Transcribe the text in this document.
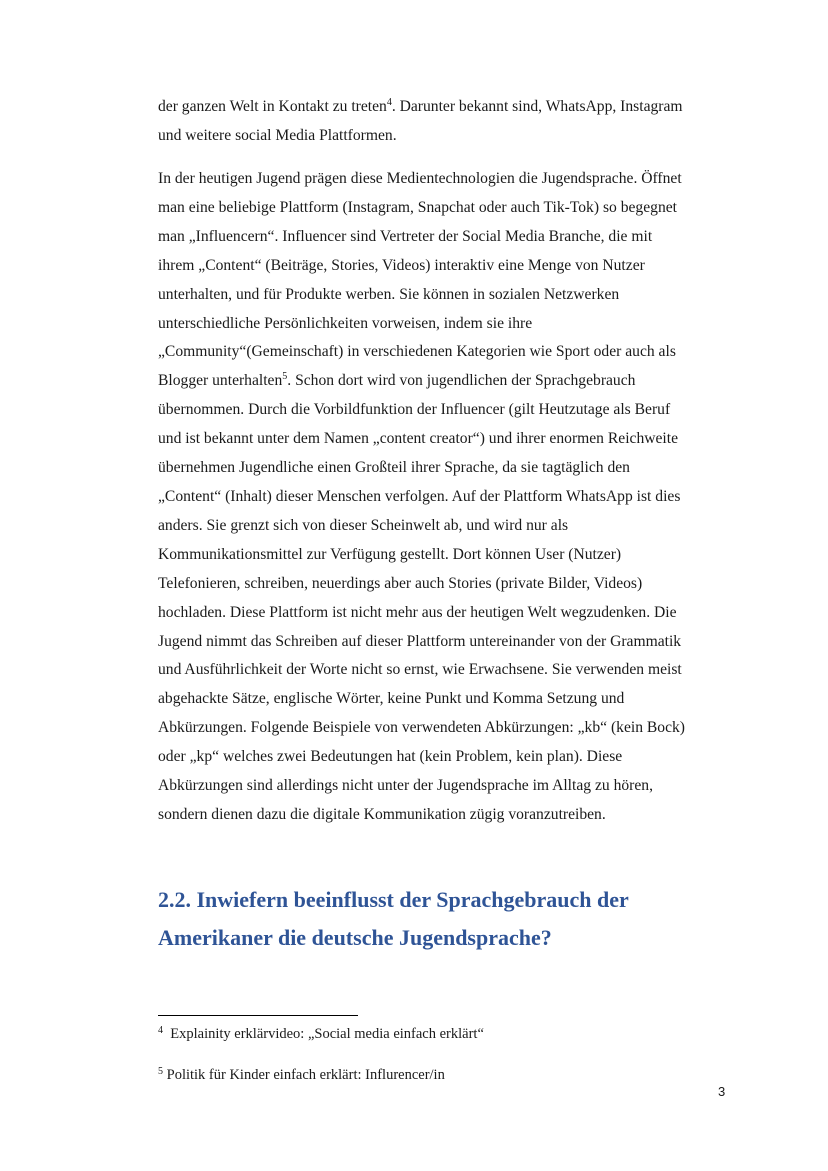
der ganzen Welt in Kontakt zu treten$^4$. Darunter bekannt sind, WhatsApp, Instagram
und weitere social Media Plattformen.

In der heutigen Jugend prägen diese Medientechnologien die Jugendsprache. Öffnet
man eine beliebige Plattform (Instagram, Snapchat oder auch Tik-Tok) so begegnet
man „Influencern“. Influencer sind Vertreter der Social Media Branche, die mit
ihrem „Content“ (Beiträge, Stories, Videos) interaktiv eine Menge von Nutzer
unterhalten, und für Produkte werben. Sie können in sozialen Netzwerken
unterschiedliche Persönlichkeiten vorweisen, indem sie ihre
„Community“(Gemeinschaft) in verschiedenen Kategorien wie Sport oder auch als
Blogger unterhalten$^5$. Schon dort wird von jugendlichen der Sprachgebrauch
übernommen. Durch die Vorbildfunktion der Influencer (gilt Heutzutage als Beruf
und ist bekannt unter dem Namen „content creator“) und ihrer enormen Reichweite
übernehmen Jugendliche einen Großteil ihrer Sprache, da sie tagtäglich den
„Content“ (Inhalt) dieser Menschen verfolgen. Auf der Plattform WhatsApp ist dies
anders. Sie grenzt sich von dieser Scheinwelt ab, und wird nur als
Kommunikationsmittel zur Verfügung gestellt. Dort können User (Nutzer)
Telefonieren, schreiben, neuerdings aber auch Stories (private Bilder, Videos)
hochladen. Diese Plattform ist nicht mehr aus der heutigen Welt wegzudenken. Die
Jugend nimmt das Schreiben auf dieser Plattform untereinander von der Grammatik
und Ausführlichkeit der Worte nicht so ernst, wie Erwachsene. Sie verwenden meist
abgehackte Sätze, englische Wörter, keine Punkt und Komma Setzung und
Abkürzungen. Folgende Beispiele von verwendeten Abkürzungen: „kb“ (kein Bock)
oder „kp“ welches zwei Bedeutungen hat (kein Problem, kein plan). Diese
Abkürzungen sind allerdings nicht unter der Jugendsprache im Alltag zu hören,
sondern dienen dazu die digitale Kommunikation zügig voranzutreiben.

2.2. Inwiefern beeinflusst der Sprachgebrauch der
Amerikaner die deutsche Jugendsprache?

$^4$ Explainity erklärvideo: „Social media einfach erklärt“

$^5$ Politik für Kinder einfach erklärt: Influrencer/in

3
